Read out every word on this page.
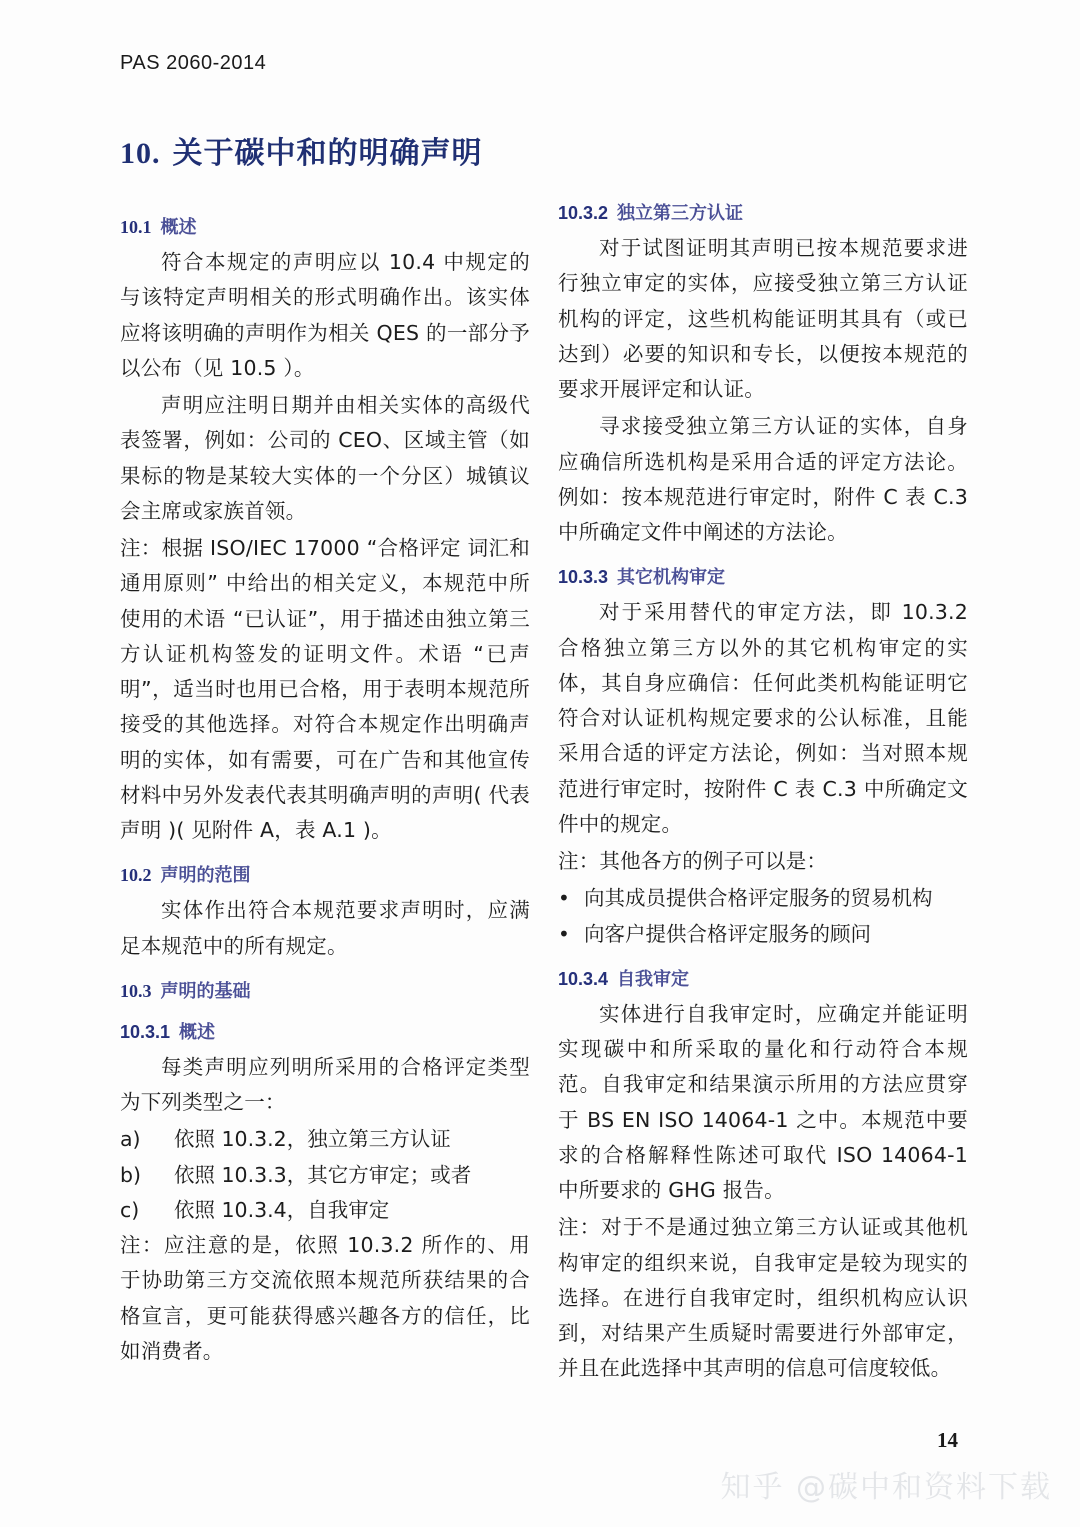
PAS 2060-2014
10. 关于碳中和的明确声明
10.1 概述

符合本规定的声明应以 10.4 中规定的与该特定声明相关的形式明确作出。该实体应将该明确的声明作为相关 QES 的一部分予以公布（见 10.5 ）。

声明应注明日期并由相关实体的高级代表签署，例如：公司的 CEO、区域主管（如果标的物是某较大实体的一个分区）城镇议会主席或家族首领。

注：根据 ISO/IEC 17000 “合格评定 词汇和通用原则” 中给出的相关定义，本规范中所使用的术语 “已认证”，用于描述由独立第三方认证机构签发的证明文件。术语 “已声明”，适当时也用已合格，用于表明本规范所接受的其他选择。对符合本规定作出明确声明的实体，如有需要，可在广告和其他宣传材料中另外发表代表其明确声明的声明( 代表声明 )( 见附件 A，表 A.1 )。

10.2 声明的范围

实体作出符合本规范要求声明时，应满足本规范中的所有规定。

10.3 声明的基础
10.3.1 概述

每类声明应列明所采用的合格评定类型为下列类型之一：

a)	依照 10.3.2，独立第三方认证
b)	依照 10.3.3，其它方审定；或者
c)	依照 10.3.4，自我审定

注：应注意的是，依照 10.3.2 所作的、用于协助第三方交流依照本规范所获结果的合格宣言，更可能获得感兴趣各方的信任，比如消费者。

10.3.2 独立第三方认证

对于试图证明其声明已按本规范要求进行独立审定的实体，应接受独立第三方认证机构的评定，这些机构能证明其具有（或已达到）必要的知识和专长，以便按本规范的要求开展评定和认证。

寻求接受独立第三方认证的实体，自身应确信所选机构是采用合适的评定方法论。例如：按本规范进行审定时，附件 C 表 C.3 中所确定文件中阐述的方法论。

10.3.3 其它机构审定

对于采用替代的审定方法，即 10.3.2 合格独立第三方以外的其它机构审定的实体，其自身应确信：任何此类机构能证明它符合对认证机构规定要求的公认标准，且能采用合适的评定方法论，例如：当对照本规范进行审定时，按附件 C 表 C.3 中所确定文件中的规定。

注：其他各方的例子可以是：

• 向其成员提供合格评定服务的贸易机构
• 向客户提供合格评定服务的顾问
10.3.4 自我审定

实体进行自我审定时，应确定并能证明实现碳中和所采取的量化和行动符合本规范。自我审定和结果演示所用的方法应贯穿于 BS EN ISO 14064-1 之中。本规范中要求的合格解释性陈述可取代 ISO 14064-1 中所要求的 GHG 报告。

注：对于不是通过独立第三方认证或其他机构审定的组织来说，自我审定是较为现实的选择。在进行自我审定时，组织机构应认识到，对结果产生质疑时需要进行外部审定，并且在此选择中其声明的信息可信度较低。

14
知乎 @碳中和资料下载
